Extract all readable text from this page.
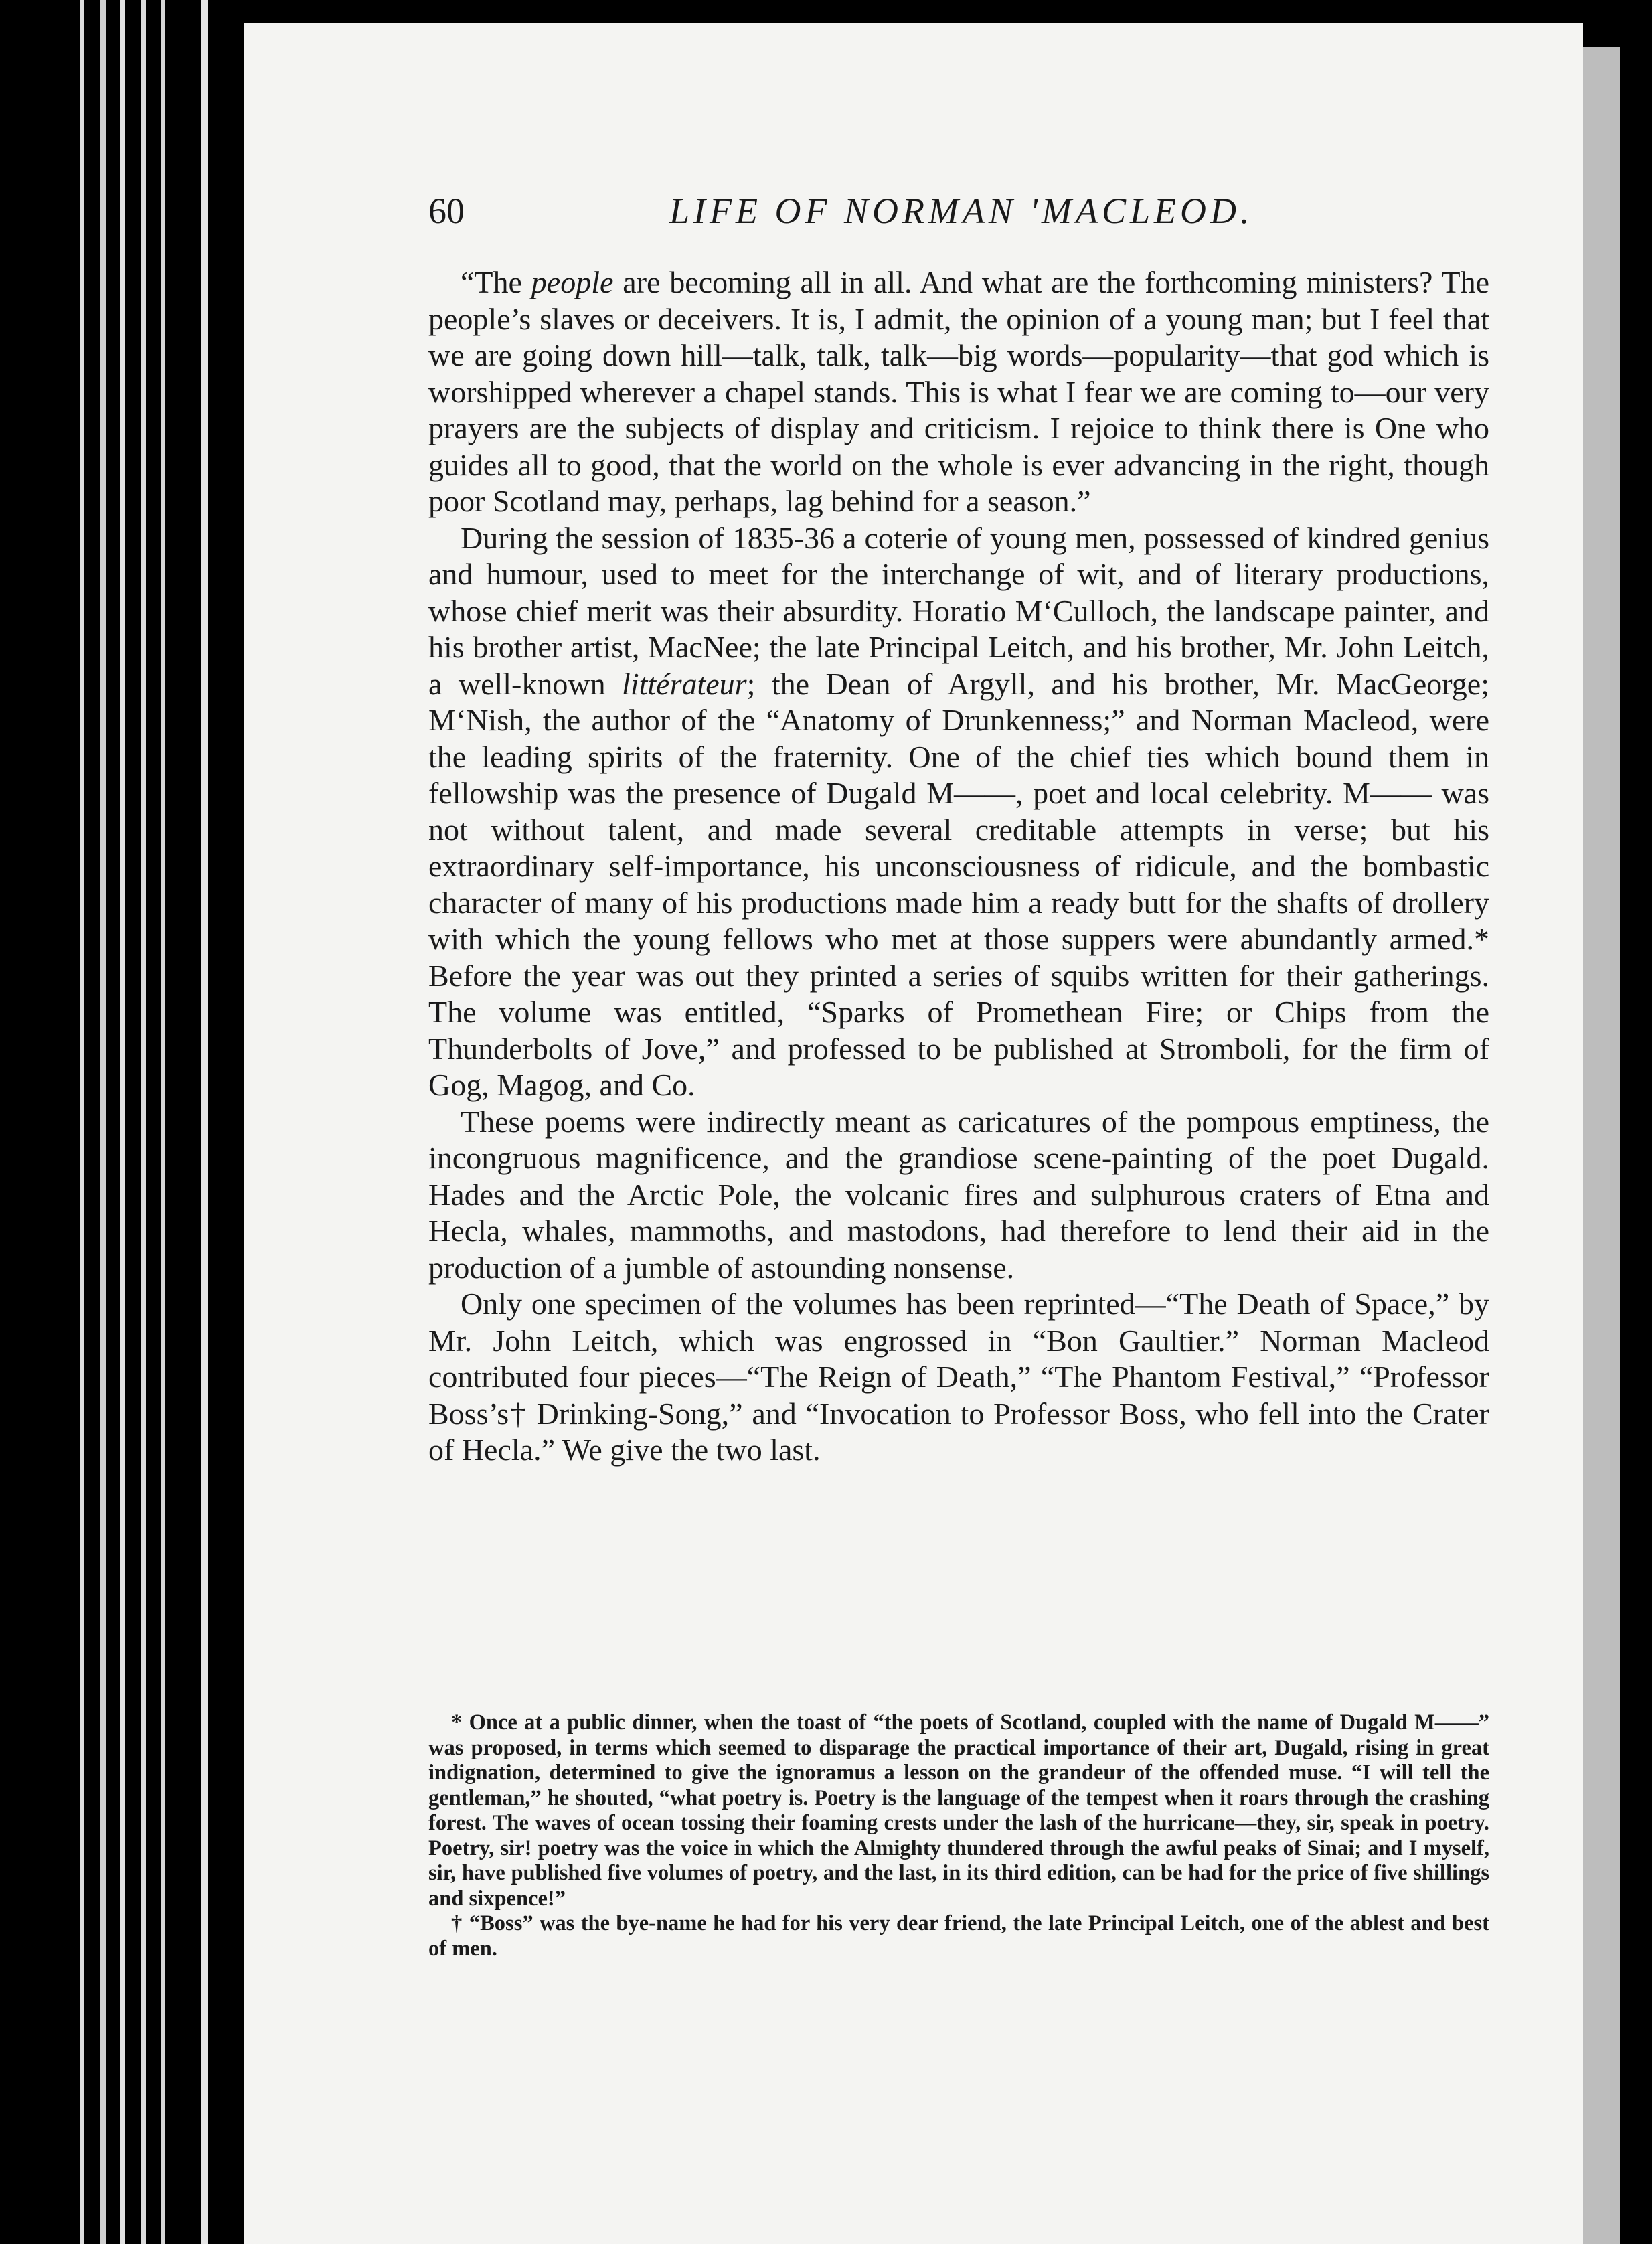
60	LIFE OF NORMAN 'MACLEOD.

“The people are becoming all in all. And what are the forthcoming ministers? The people’s slaves or deceivers. It is, I admit, the opinion of a young man; but I feel that we are going down hill—talk, talk, talk—big words—popularity—that god which is worshipped wherever a chapel stands. This is what I fear we are coming to—our very prayers are the subjects of display and criticism. I rejoice to think there is One who guides all to good, that the world on the whole is ever advancing in the right, though poor Scotland may, perhaps, lag behind for a season.”

During the session of 1835-36 a coterie of young men, possessed of kindred genius and humour, used to meet for the interchange of wit, and of literary productions, whose chief merit was their absurdity. Horatio M‘Culloch, the landscape painter, and his brother artist, MacNee; the late Principal Leitch, and his brother, Mr. John Leitch, a well-known littérateur; the Dean of Argyll, and his brother, Mr. MacGeorge; M‘Nish, the author of the “Anatomy of Drunkenness;” and Norman Macleod, were the leading spirits of the fraternity. One of the chief ties which bound them in fellowship was the presence of Dugald M——, poet and local celebrity. M—— was not without talent, and made several creditable attempts in verse; but his extraordinary self-importance, his unconsciousness of ridicule, and the bombastic character of many of his productions made him a ready butt for the shafts of drollery with which the young fellows who met at those suppers were abundantly armed.* Before the year was out they printed a series of squibs written for their gatherings. The volume was entitled, “Sparks of Promethean Fire; or Chips from the Thunderbolts of Jove,” and professed to be published at Stromboli, for the firm of Gog, Magog, and Co.

These poems were indirectly meant as caricatures of the pompous emptiness, the incongruous magnificence, and the grandiose scene-painting of the poet Dugald. Hades and the Arctic Pole, the volcanic fires and sulphurous craters of Etna and Hecla, whales, mammoths, and mastodons, had therefore to lend their aid in the production of a jumble of astounding nonsense.

Only one specimen of the volumes has been reprinted—“The Death of Space,” by Mr. John Leitch, which was engrossed in “Bon Gaultier.” Norman Macleod contributed four pieces—“The Reign of Death,” “The Phantom Festival,” “Professor Boss’s† Drinking-Song,” and “Invocation to Professor Boss, who fell into the Crater of Hecla.” We give the two last.

* Once at a public dinner, when the toast of “the poets of Scotland, coupled with the name of Dugald M——” was proposed, in terms which seemed to disparage the practical importance of their art, Dugald, rising in great indignation, determined to give the ignoramus a lesson on the grandeur of the offended muse. “I will tell the gentleman,” he shouted, “what poetry is. Poetry is the language of the tempest when it roars through the crashing forest. The waves of ocean tossing their foaming crests under the lash of the hurricane—they, sir, speak in poetry. Poetry, sir! poetry was the voice in which the Almighty thundered through the awful peaks of Sinai; and I myself, sir, have published five volumes of poetry, and the last, in its third edition, can be had for the price of five shillings and sixpence!”

† “Boss” was the bye-name he had for his very dear friend, the late Principal Leitch, one of the ablest and best of men.
